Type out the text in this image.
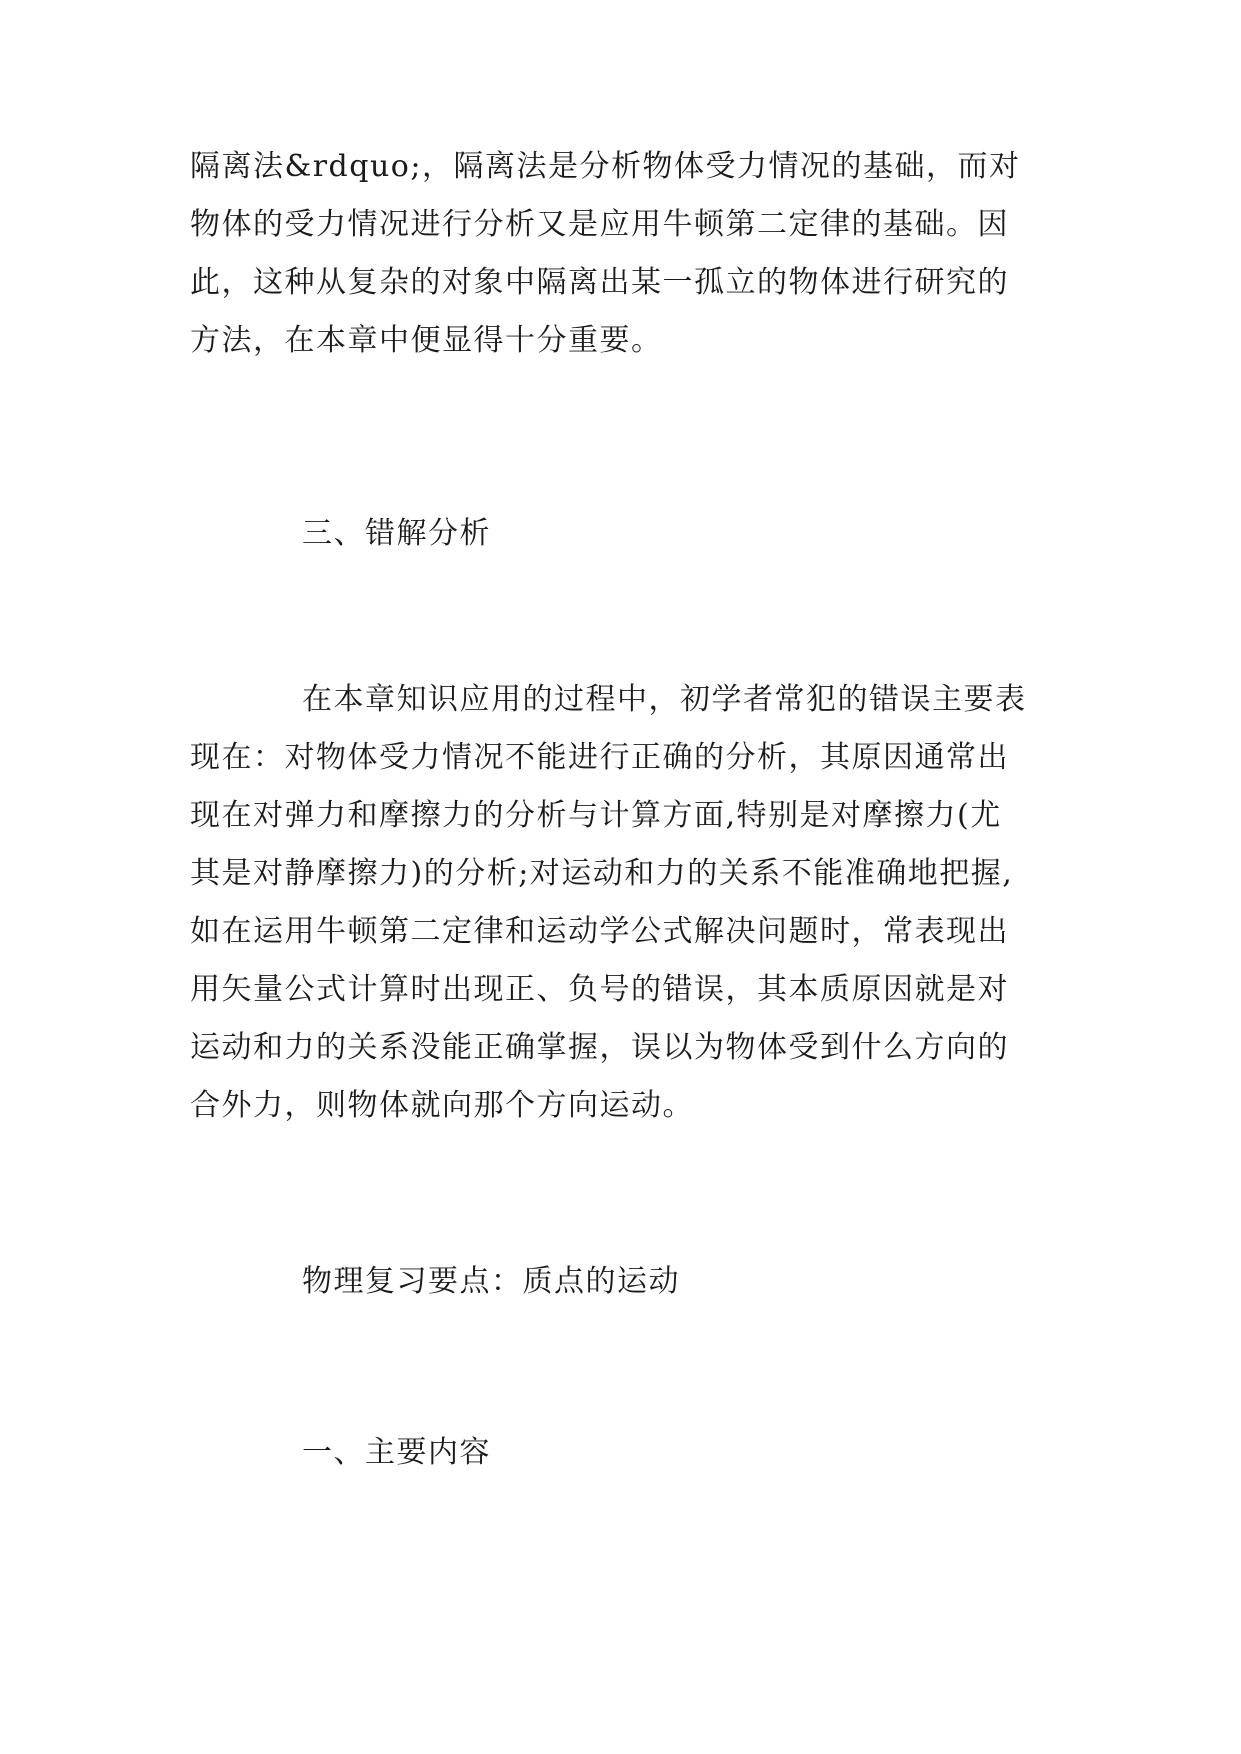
隔离法&rdquo;，隔离法是分析物体受力情况的基础，而对
物体的受力情况进行分析又是应用牛顿第二定律的基础。因
此，这种从复杂的对象中隔离出某一孤立的物体进行研究的
方法，在本章中便显得十分重要。
三、错解分析
在本章知识应用的过程中，初学者常犯的错误主要表
现在：对物体受力情况不能进行正确的分析，其原因通常出
现在对弹力和摩擦力的分析与计算方面,特别是对摩擦力(尤
其是对静摩擦力)的分析;对运动和力的关系不能准确地把握,
如在运用牛顿第二定律和运动学公式解决问题时，常表现出
用矢量公式计算时出现正、负号的错误，其本质原因就是对
运动和力的关系没能正确掌握，误以为物体受到什么方向的
合外力，则物体就向那个方向运动。
物理复习要点：质点的运动
一、主要内容
